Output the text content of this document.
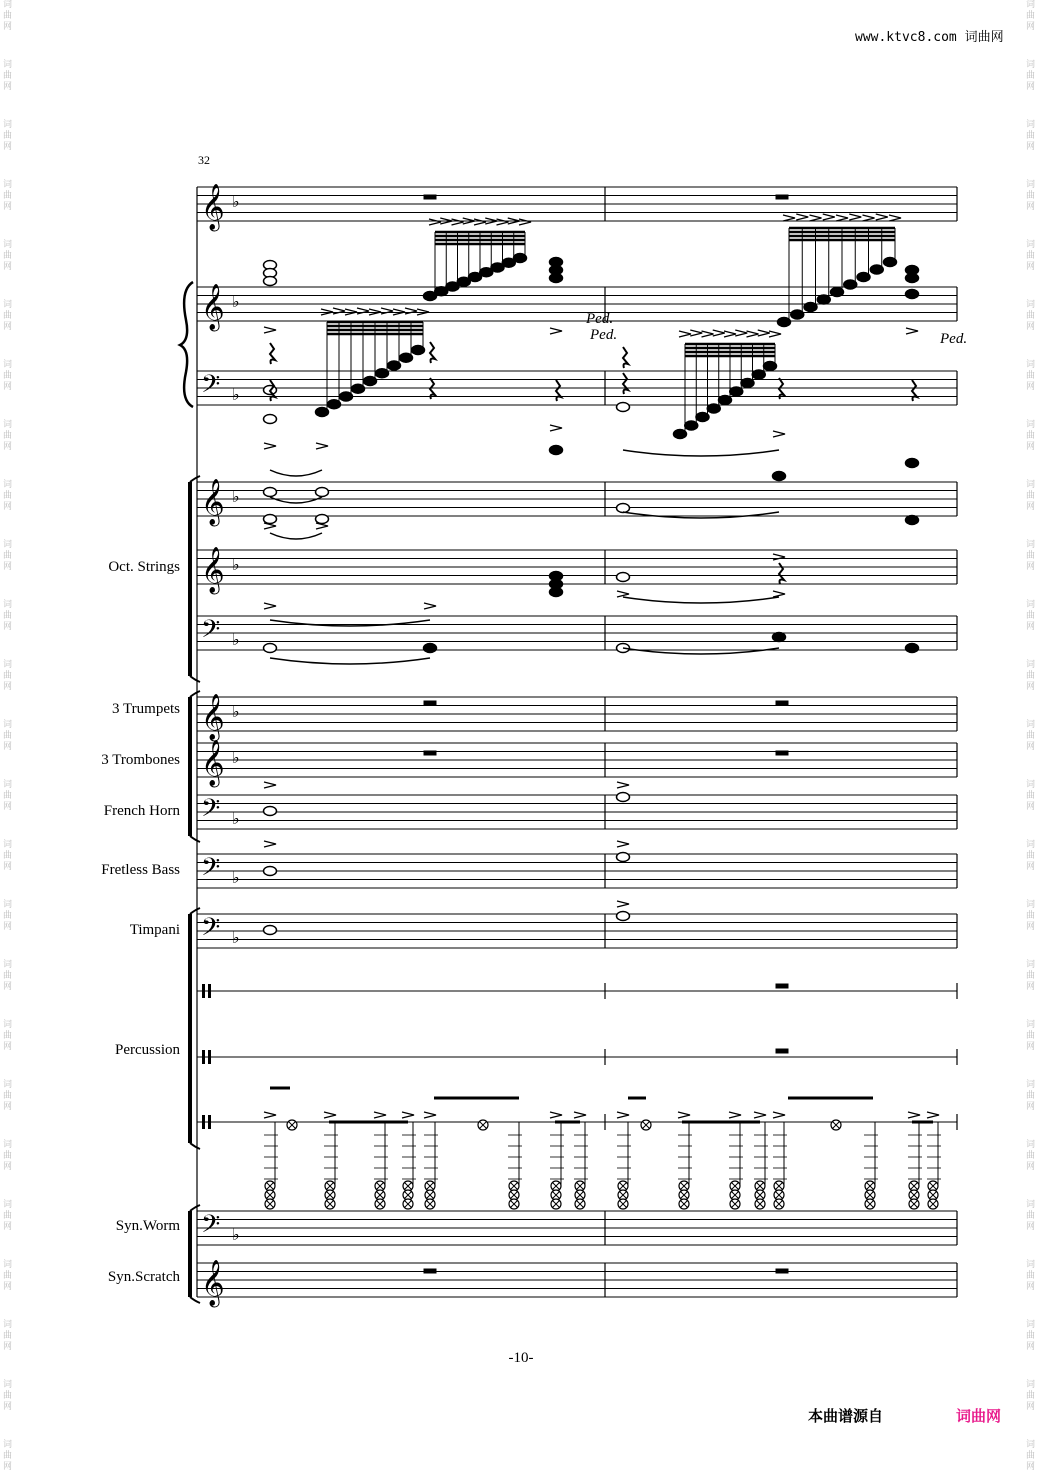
www.ktvc8.com 词曲网
32
𝄞 ♭
𝄞 ♭
𝄢 ♭
𝄞 ♭
𝄞 ♭
𝄢 ♭
𝄞 ♭
𝄞 ♭
𝄢 ♭
𝄢 ♭
𝄢 ♭
𝄢 ♭
𝄞
Ped.
Ped.	Ped.
Oct. Strings
3 Trumpets
3 Trombones
French Horn
Fretless Bass
Timpani
Percussion
Syn.Worm
Syn.Scratch
-10-
本曲谱源自	词曲网
词
曲
网
词
曲
网
词
曲
网
词
曲
网
词
曲
网
词
曲
网
词
曲
网
词
曲
网
词
曲
网
词
曲
网
词
曲
网
词
曲
网
词
曲
网
词
曲
网
词
曲
网
词
曲
网
词
曲
网
词
曲
网
词
曲
网
词
曲
网
词
曲
网
词
曲
网
词
曲
网
词
曲
网
词
曲
网
词
曲
网
词
曲
网
词
曲
网
词
曲
网
词
曲
网
词
曲
网
词
曲
网
词
曲
网
词
曲
网
词
曲
网
词
曲
网
词
曲
网
词
曲
网
词
曲
网
词
曲
网
词
曲
网
词
曲
网
词
曲
网
词
曲
网
词
曲
网
词
曲
网
词
曲
网
词
曲
网
词
曲
网
词
曲
网
